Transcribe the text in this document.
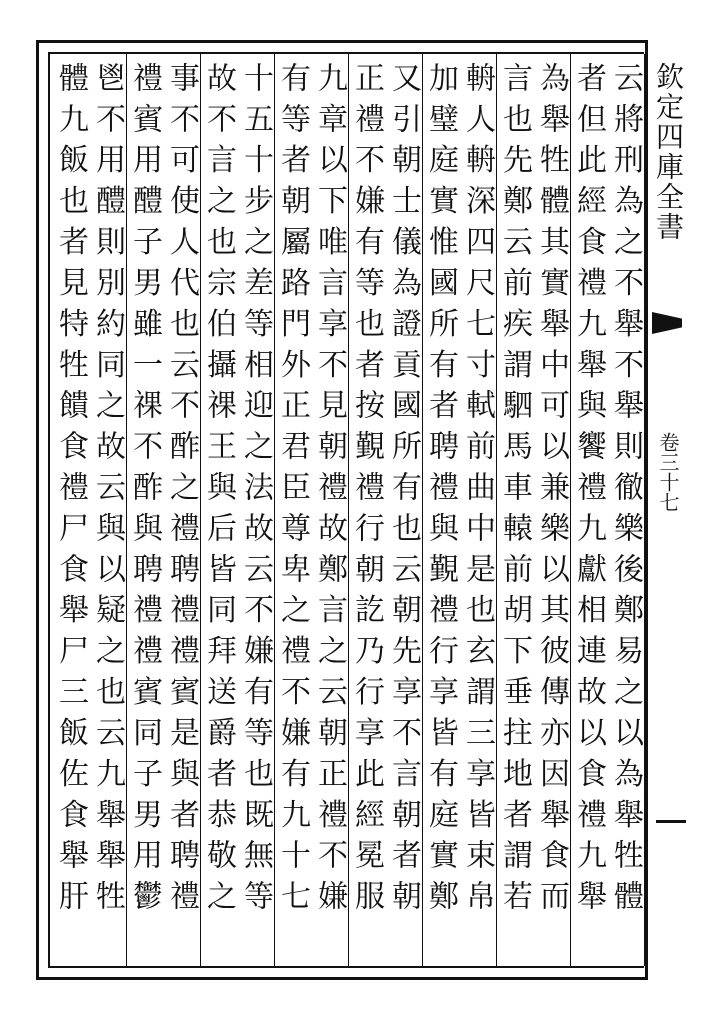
欽定四庫全書
卷三十七
云將刑為之不舉不舉則徹樂後鄭易之以為舉牲體
者但此經食禮九舉與饗禮九獻相連故以食禮九舉
為舉牲體其實舉中可以兼樂以其彼傳亦因舉食而
言也先鄭云前疾謂駟馬車轅前胡下垂拄地者謂若
輈人輈深四尺七寸軾前曲中是也玄謂三享皆束帛
加璧庭實惟國所有者聘禮與覲禮行享皆有庭實鄭
又引朝士儀為證貢國所有也云朝先享不言朝者朝
正禮不嫌有等也者按覲禮行朝訖乃行享此經冕服
九章以下唯言享不見朝禮故鄭言之云朝正禮不嫌
有等者朝屬路門外正君臣尊卑之禮不嫌有九十七
十五十步之差等相迎之法故云不嫌有等也既無等
故不言之也宗伯攝祼王與后皆同拜送爵者恭敬之
事不可使人代也云不酢之禮聘禮禮賓是與者聘禮
禮賓用醴子男雖一祼不酢與聘禮禮賓同子男用鬱
鬯不用醴則別約同之故云與以疑之也云九舉舉牲
體九飯也者見特牲饋食禮尸食舉尸三飯佐食舉肝
